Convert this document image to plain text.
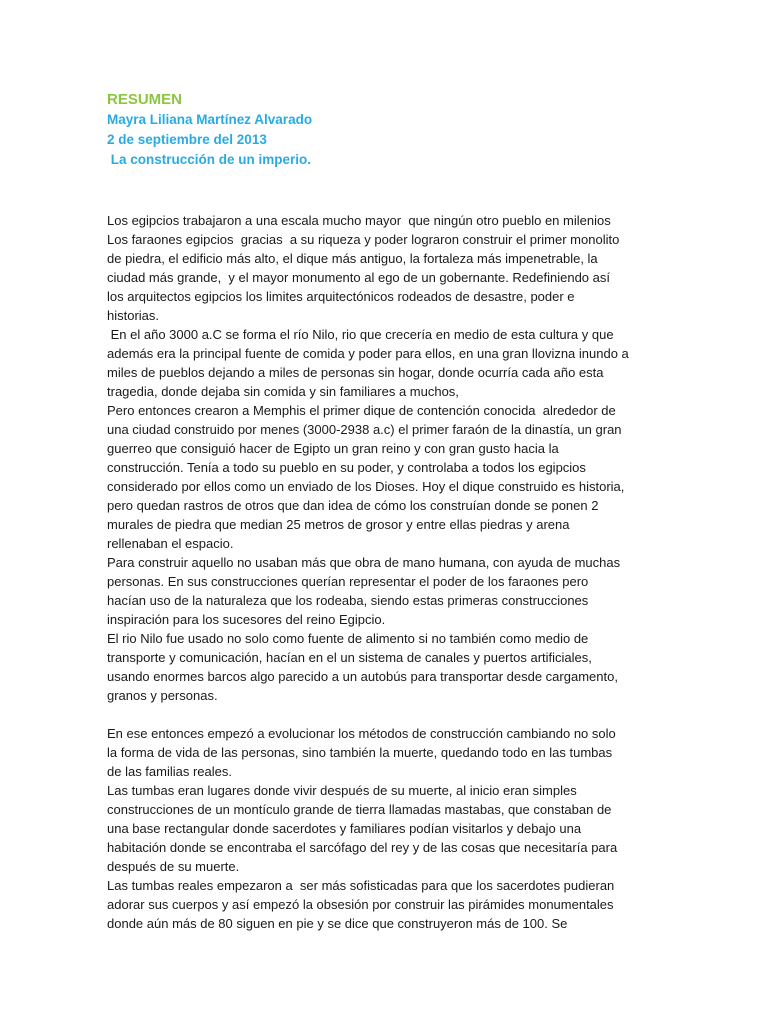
RESUMEN
Mayra Liliana Martínez Alvarado
2 de septiembre del 2013
La construcción de un imperio.
Los egipcios trabajaron a una escala mucho mayor  que ningún otro pueblo en milenios
Los faraones egipcios  gracias  a su riqueza y poder lograron construir el primer monolito
de piedra, el edificio más alto, el dique más antiguo, la fortaleza más impenetrable, la
ciudad más grande,  y el mayor monumento al ego de un gobernante. Redefiniendo así
los arquitectos egipcios los limites arquitectónicos rodeados de desastre, poder e
historias.
En el año 3000 a.C se forma el río Nilo, rio que crecería en medio de esta cultura y que
además era la principal fuente de comida y poder para ellos, en una gran llovizna inundo a
miles de pueblos dejando a miles de personas sin hogar, donde ocurría cada año esta
tragedia, donde dejaba sin comida y sin familiares a muchos,
Pero entonces crearon a Memphis el primer dique de contención conocida  alrededor de
una ciudad construido por menes (3000-2938 a.c) el primer faraón de la dinastía, un gran
guerreo que consiguió hacer de Egipto un gran reino y con gran gusto hacia la
construcción. Tenía a todo su pueblo en su poder, y controlaba a todos los egipcios
considerado por ellos como un enviado de los Dioses. Hoy el dique construido es historia,
pero quedan rastros de otros que dan idea de cómo los construían donde se ponen 2
murales de piedra que median 25 metros de grosor y entre ellas piedras y arena
rellenaban el espacio.
Para construir aquello no usaban más que obra de mano humana, con ayuda de muchas
personas. En sus construcciones querían representar el poder de los faraones pero
hacían uso de la naturaleza que los rodeaba, siendo estas primeras construcciones
inspiración para los sucesores del reino Egipcio.
El rio Nilo fue usado no solo como fuente de alimento si no también como medio de
transporte y comunicación, hacían en el un sistema de canales y puertos artificiales,
usando enormes barcos algo parecido a un autobús para transportar desde cargamento,
granos y personas.
En ese entonces empezó a evolucionar los métodos de construcción cambiando no solo
la forma de vida de las personas, sino también la muerte, quedando todo en las tumbas
de las familias reales.
Las tumbas eran lugares donde vivir después de su muerte, al inicio eran simples
construcciones de un montículo grande de tierra llamadas mastabas, que constaban de
una base rectangular donde sacerdotes y familiares podían visitarlos y debajo una
habitación donde se encontraba el sarcófago del rey y de las cosas que necesitaría para
después de su muerte.
Las tumbas reales empezaron a  ser más sofisticadas para que los sacerdotes pudieran
adorar sus cuerpos y así empezó la obsesión por construir las pirámides monumentales
donde aún más de 80 siguen en pie y se dice que construyeron más de 100. Se
